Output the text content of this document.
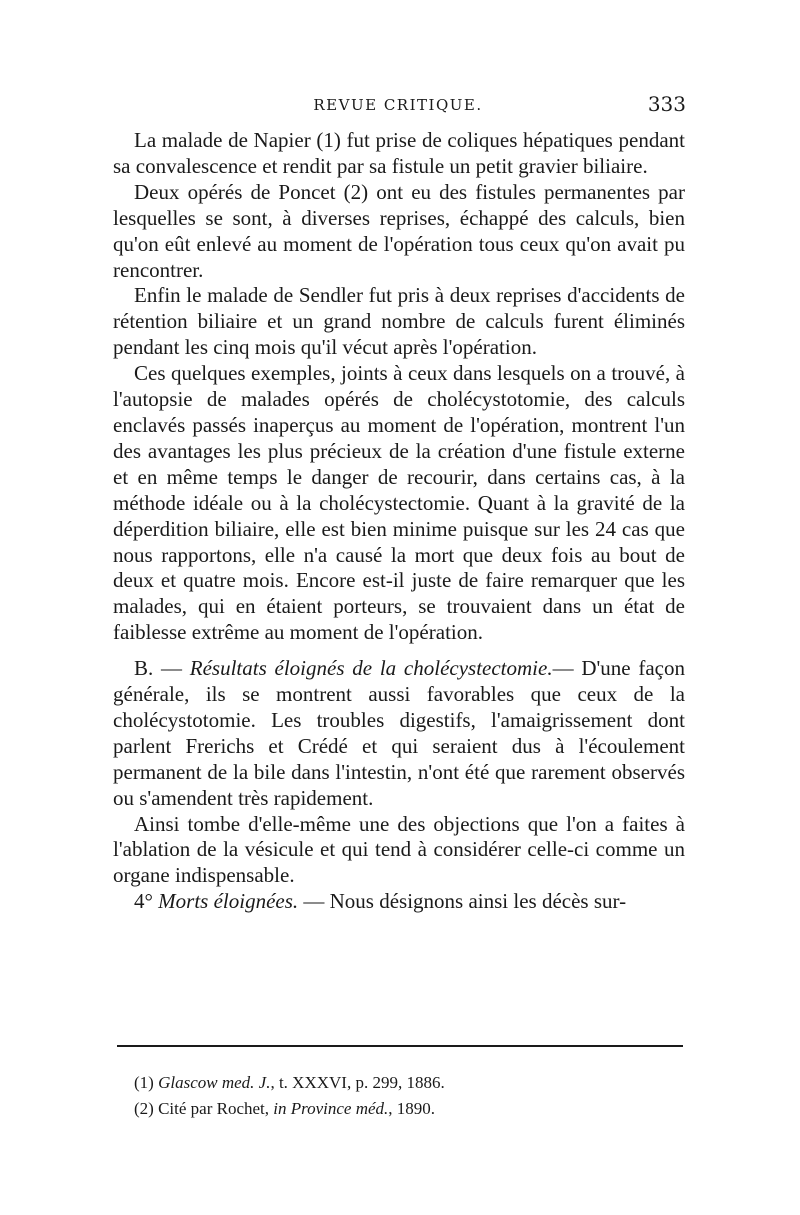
REVUE CRITIQUE.	333

La malade de Napier (1) fut prise de coliques hépatiques pendant sa convalescence et rendit par sa fistule un petit gravier biliaire.

Deux opérés de Poncet (2) ont eu des fistules permanentes par lesquelles se sont, à diverses reprises, échappé des calculs, bien qu'on eût enlevé au moment de l'opération tous ceux qu'on avait pu rencontrer.

Enfin le malade de Sendler fut pris à deux reprises d'accidents de rétention biliaire et un grand nombre de calculs furent éliminés pendant les cinq mois qu'il vécut après l'opération.

Ces quelques exemples, joints à ceux dans lesquels on a trouvé, à l'autopsie de malades opérés de cholécystotomie, des calculs enclavés passés inaperçus au moment de l'opération, montrent l'un des avantages les plus précieux de la création d'une fistule externe et en même temps le danger de recourir, dans certains cas, à la méthode idéale ou à la cholécystectomie. Quant à la gravité de la déperdition biliaire, elle est bien minime puisque sur les 24 cas que nous rapportons, elle n'a causé la mort que deux fois au bout de deux et quatre mois. Encore est-il juste de faire remarquer que les malades, qui en étaient porteurs, se trouvaient dans un état de faiblesse extrême au moment de l'opération.

B. — Résultats éloignés de la cholécystectomie.— D'une façon générale, ils se montrent aussi favorables que ceux de la cholécystotomie. Les troubles digestifs, l'amaigrissement dont parlent Frerichs et Crédé et qui seraient dus à l'écoulement permanent de la bile dans l'intestin, n'ont été que rarement observés ou s'amendent très rapidement.

Ainsi tombe d'elle-même une des objections que l'on a faites à l'ablation de la vésicule et qui tend à considérer celle-ci comme un organe indispensable.

4° Morts éloignées. — Nous désignons ainsi les décès sur-

(1) Glascow med. J., t. XXXVI, p. 299, 1886.
(2) Cité par Rochet, in Province méd., 1890.
